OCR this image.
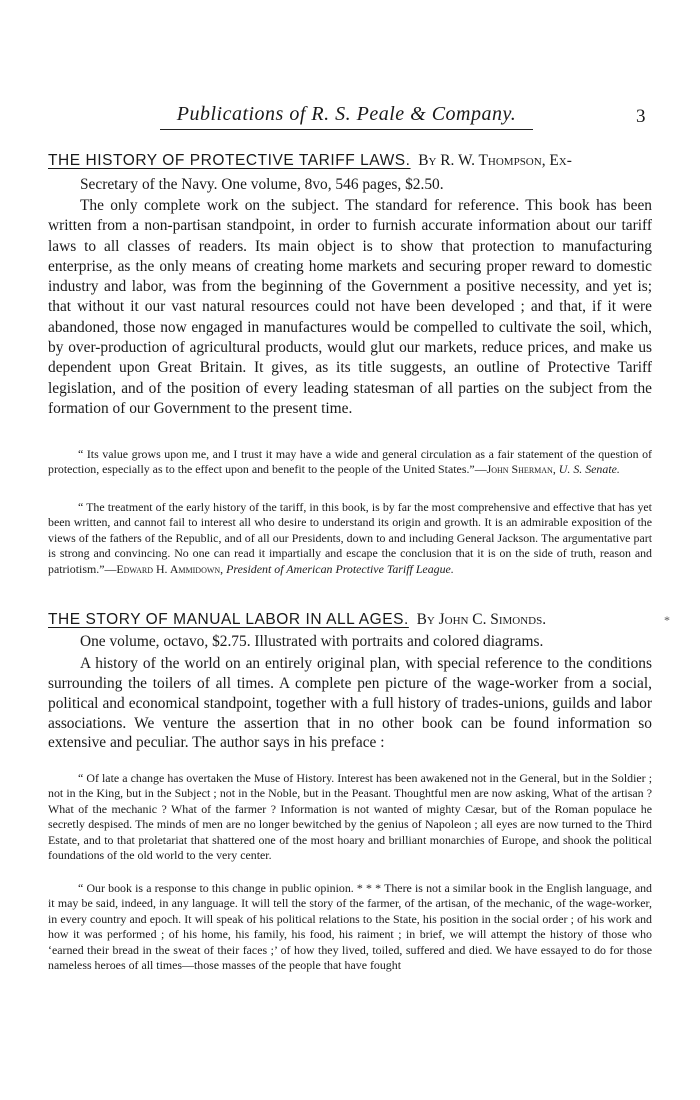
Publications of R. S. Peale & Company.	3
THE HISTORY OF PROTECTIVE TARIFF LAWS. By R. W. Thompson, Ex-
Secretary of the Navy. One volume, 8vo, 546 pages, $2.50.

The only complete work on the subject. The standard for reference. This book has been written from a non-partisan standpoint, in order to furnish accurate information about our tariff laws to all classes of readers. Its main object is to show that protection to manufacturing enterprise, as the only means of creating home markets and securing proper reward to domestic industry and labor, was from the beginning of the Government a positive necessity, and yet is; that without it our vast natural resources could not have been developed ; and that, if it were abandoned, those now engaged in manufactures would be compelled to cultivate the soil, which, by over-production of agricultural products, would glut our markets, reduce prices, and make us dependent upon Great Britain. It gives, as its title suggests, an outline of Protective Tariff legislation, and of the position of every leading statesman of all parties on the subject from the formation of our Government to the present time.

“ Its value grows upon me, and I trust it may have a wide and general circulation as a fair statement of the question of protection, especially as to the effect upon and benefit to the people of the United States.”—John Sherman, U. S. Senate.

“ The treatment of the early history of the tariff, in this book, is by far the most comprehensive and effective that has yet been written, and cannot fail to interest all who desire to understand its origin and growth. It is an admirable exposition of the views of the fathers of the Republic, and of all our Presidents, down to and including General Jackson. The argumentative part is strong and convincing. No one can read it impartially and escape the conclusion that it is on the side of truth, reason and patriotism.”—Edward H. Ammidown, President of American Protective Tariff League.

THE STORY OF MANUAL LABOR IN ALL AGES. By John C. Simonds.	*
One volume, octavo, $2.75. Illustrated with portraits and colored diagrams.

A history of the world on an entirely original plan, with special reference to the conditions surrounding the toilers of all times. A complete pen picture of the wage-worker from a social, political and economical standpoint, together with a full history of trades-unions, guilds and labor associations. We venture the assertion that in no other book can be found information so extensive and peculiar. The author says in his preface :

“ Of late a change has overtaken the Muse of History. Interest has been awakened not in the General, but in the Soldier ; not in the King, but in the Subject ; not in the Noble, but in the Peasant. Thoughtful men are now asking, What of the artisan ? What of the mechanic ? What of the farmer ? Information is not wanted of mighty Cæsar, but of the Roman populace he secretly despised. The minds of men are no longer bewitched by the genius of Napoleon ; all eyes are now turned to the Third Estate, and to that proletariat that shattered one of the most hoary and brilliant monarchies of Europe, and shook the political foundations of the old world to the very center.

“ Our book is a response to this change in public opinion. * * * There is not a similar book in the English language, and it may be said, indeed, in any language. It will tell the story of the farmer, of the artisan, of the mechanic, of the wage-worker, in every country and epoch. It will speak of his political relations to the State, his position in the social order ; of his work and how it was performed ; of his home, his family, his food, his raiment ; in brief, we will attempt the history of those who ‘earned their bread in the sweat of their faces ;’ of how they lived, toiled, suffered and died. We have essayed to do for those nameless heroes of all times—those masses of the people that have fought
